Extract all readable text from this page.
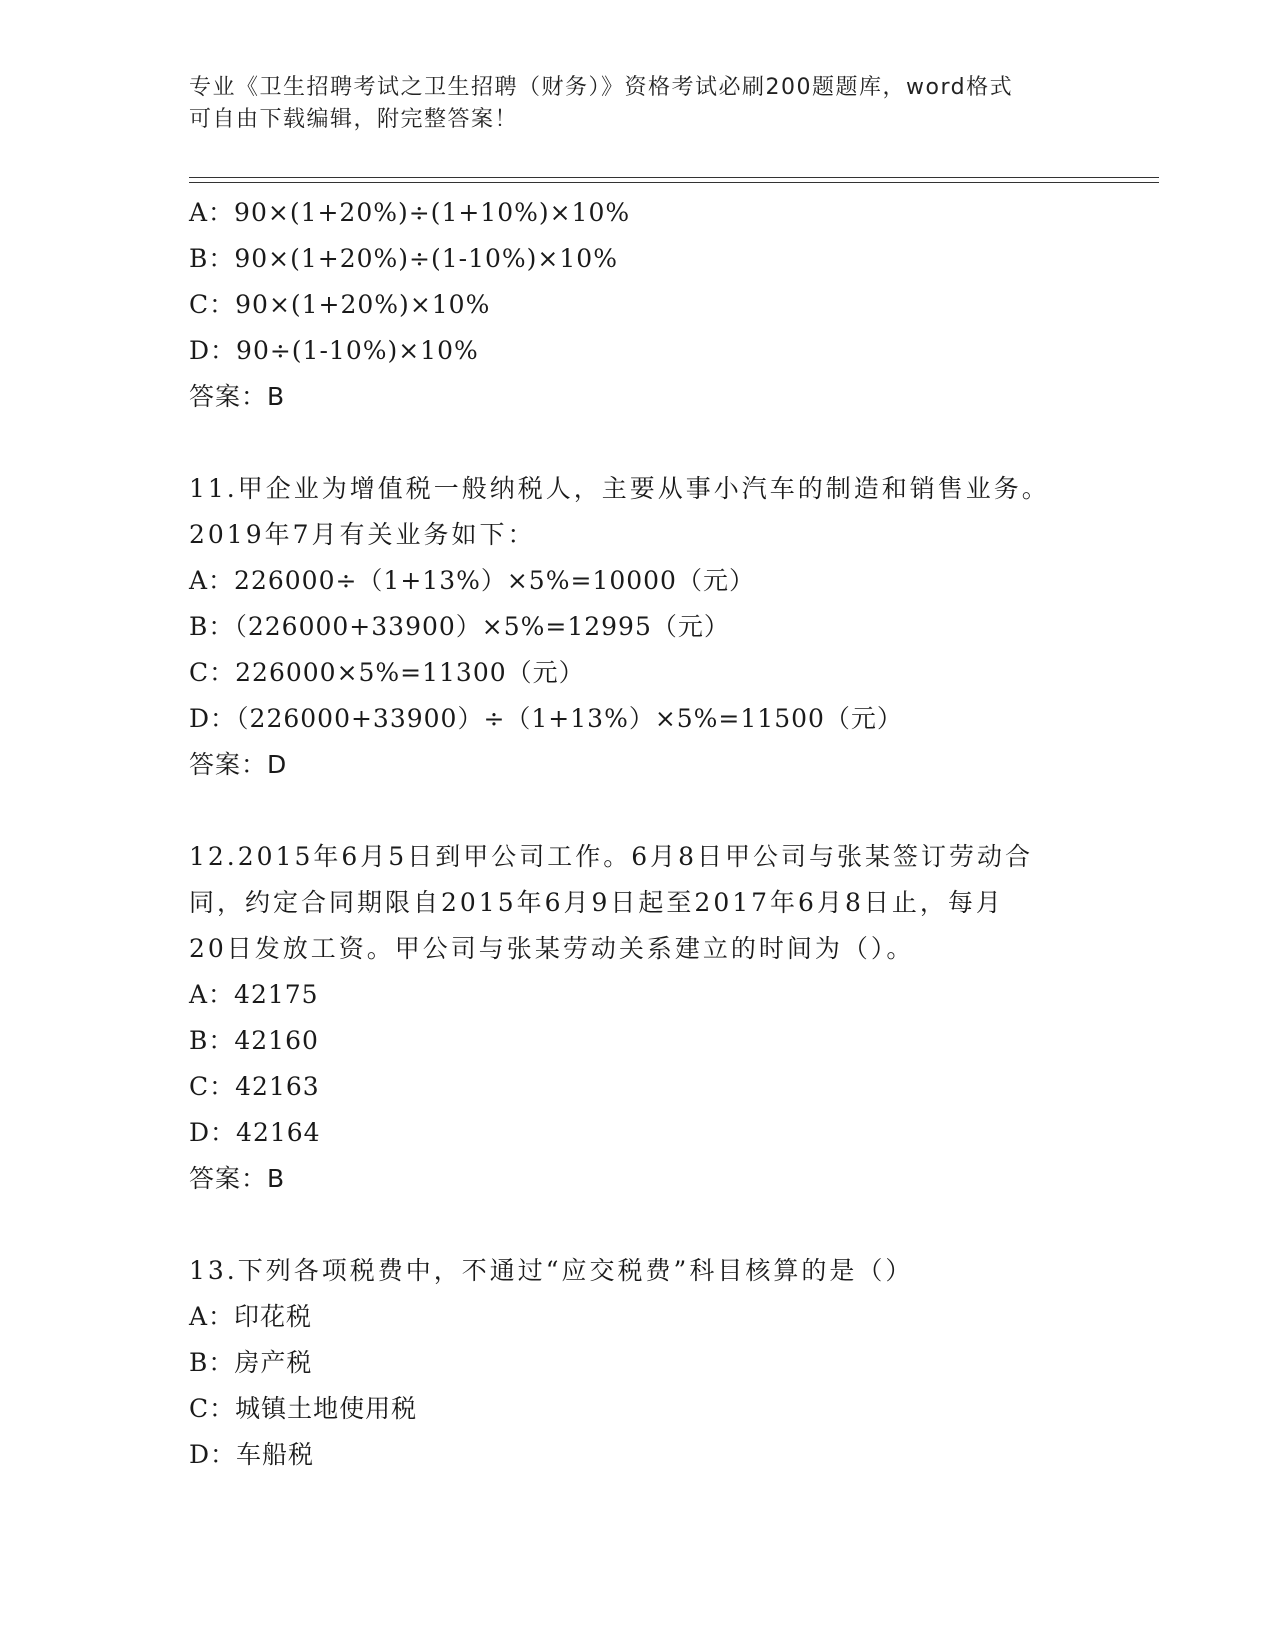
专业《卫生招聘考试之卫生招聘（财务）》资格考试必刷200题题库，word格式
可自由下载编辑，附完整答案！
A：90×(1+20%)÷(1+10%)×10%
B：90×(1+20%)÷(1-10%)×10%
C：90×(1+20%)×10%
D：90÷(1-10%)×10%
答案：B
11.甲企业为增值税一般纳税人，主要从事小汽车的制造和销售业务。
2019年7月有关业务如下：
A：226000÷（1+13%）×5%=10000（元）
B：（226000+33900）×5%=12995（元）
C：226000×5%=11300（元）
D：（226000+33900）÷（1+13%）×5%=11500（元）
答案：D
12.2015年6月5日到甲公司工作。6月8日甲公司与张某签订劳动合
同，约定合同期限自2015年6月9日起至2017年6月8日止，每月
20日发放工资。甲公司与张某劳动关系建立的时间为（）。
A：42175
B：42160
C：42163
D：42164
答案：B
13.下列各项税费中，不通过“应交税费”科目核算的是（）
A：印花税
B：房产税
C：城镇土地使用税
D：车船税
